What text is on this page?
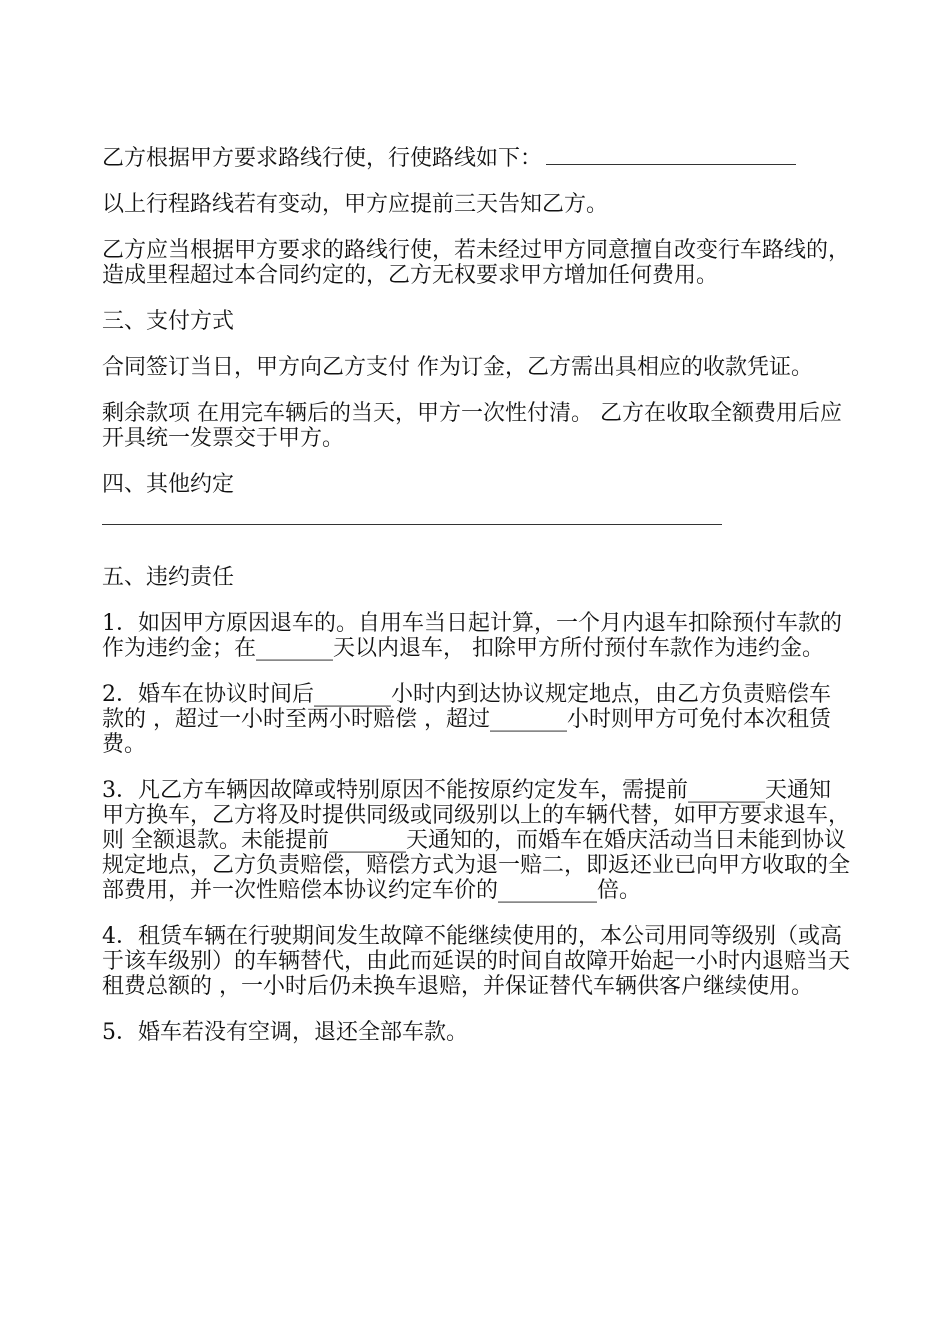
乙方根据甲方要求路线行使，行使路线如下：
以上行程路线若有变动，甲方应提前三天告知乙方。
乙方应当根据甲方要求的路线行使，若未经过甲方同意擅自改变行车路线的，造成里程超过本合同约定的，乙方无权要求甲方增加任何费用。
三、支付方式
合同签订当日，甲方向乙方支付 作为订金，乙方需出具相应的收款凭证。
剩余款项 在用完车辆后的当天，甲方一次性付清。 乙方在收取全额费用后应开具统一发票交于甲方。
四、其他约定
五、违约责任
1．如因甲方原因退车的。自用车当日起计算，一个月内退车扣除预付车款的 作为违约金；在_______天以内退车， 扣除甲方所付预付车款作为违约金。
2．婚车在协议时间后_______小时内到达协议规定地点，由乙方负责赔偿车款的 ，超过一小时至两小时赔偿 ，超过_______小时则甲方可免付本次租赁费。
3．凡乙方车辆因故障或特别原因不能按原约定发车，需提前_______天通知甲方换车，乙方将及时提供同级或同级别以上的车辆代替，如甲方要求退车，则 全额退款。未能提前_______天通知的，而婚车在婚庆活动当日未能到协议规定地点，乙方负责赔偿，赔偿方式为退一赔二，即返还业已向甲方收取的全部费用，并一次性赔偿本协议约定车价的_________倍。
4．租赁车辆在行驶期间发生故障不能继续使用的，本公司用同等级别（或高于该车级别）的车辆替代，由此而延误的时间自故障开始起一小时内退赔当天租费总额的 ，一小时后仍未换车退赔，并保证替代车辆供客户继续使用。
5．婚车若没有空调，退还全部车款。
